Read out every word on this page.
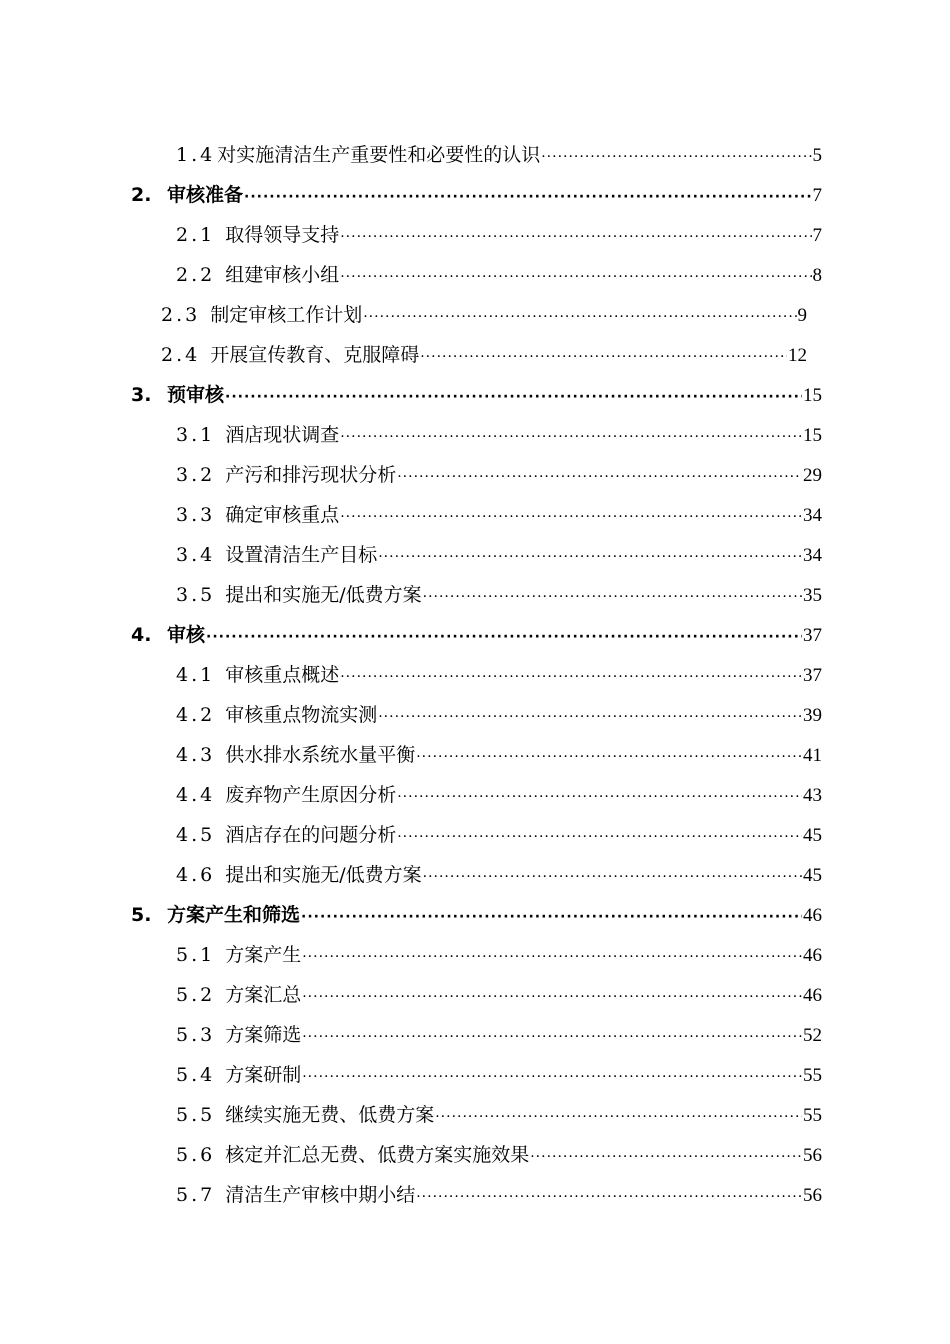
1.4 对实施清洁生产重要性和必要性的认识 ·····	5
2. 审核准备 ·····	7
2.1 取得领导支持 ·····	7
2.2 组建审核小组 ·····	8
2.3 制定审核工作计划 ·····	9
2.4 开展宣传教育、克服障碍 ·····	12
3. 预审核 ·····	15
3.1 酒店现状调查 ·····	15
3.2 产污和排污现状分析 ·····	29
3.3 确定审核重点 ·····	34
3.4 设置清洁生产目标 ·····	34
3.5 提出和实施无/低费方案 ·····	35
4. 审核 ·····	37
4.1 审核重点概述 ·····	37
4.2 审核重点物流实测 ·····	39
4.3 供水排水系统水量平衡 ·····	41
4.4 废弃物产生原因分析 ·····	43
4.5 酒店存在的问题分析 ·····	45
4.6 提出和实施无/低费方案 ·····	45
5. 方案产生和筛选 ·····	46
5.1 方案产生 ·····	46
5.2 方案汇总 ·····	46
5.3 方案筛选 ·····	52
5.4 方案研制 ·····	55
5.5 继续实施无费、低费方案 ·····	55
5.6 核定并汇总无费、低费方案实施效果 ·····	56
5.7 清洁生产审核中期小结 ·····	56
